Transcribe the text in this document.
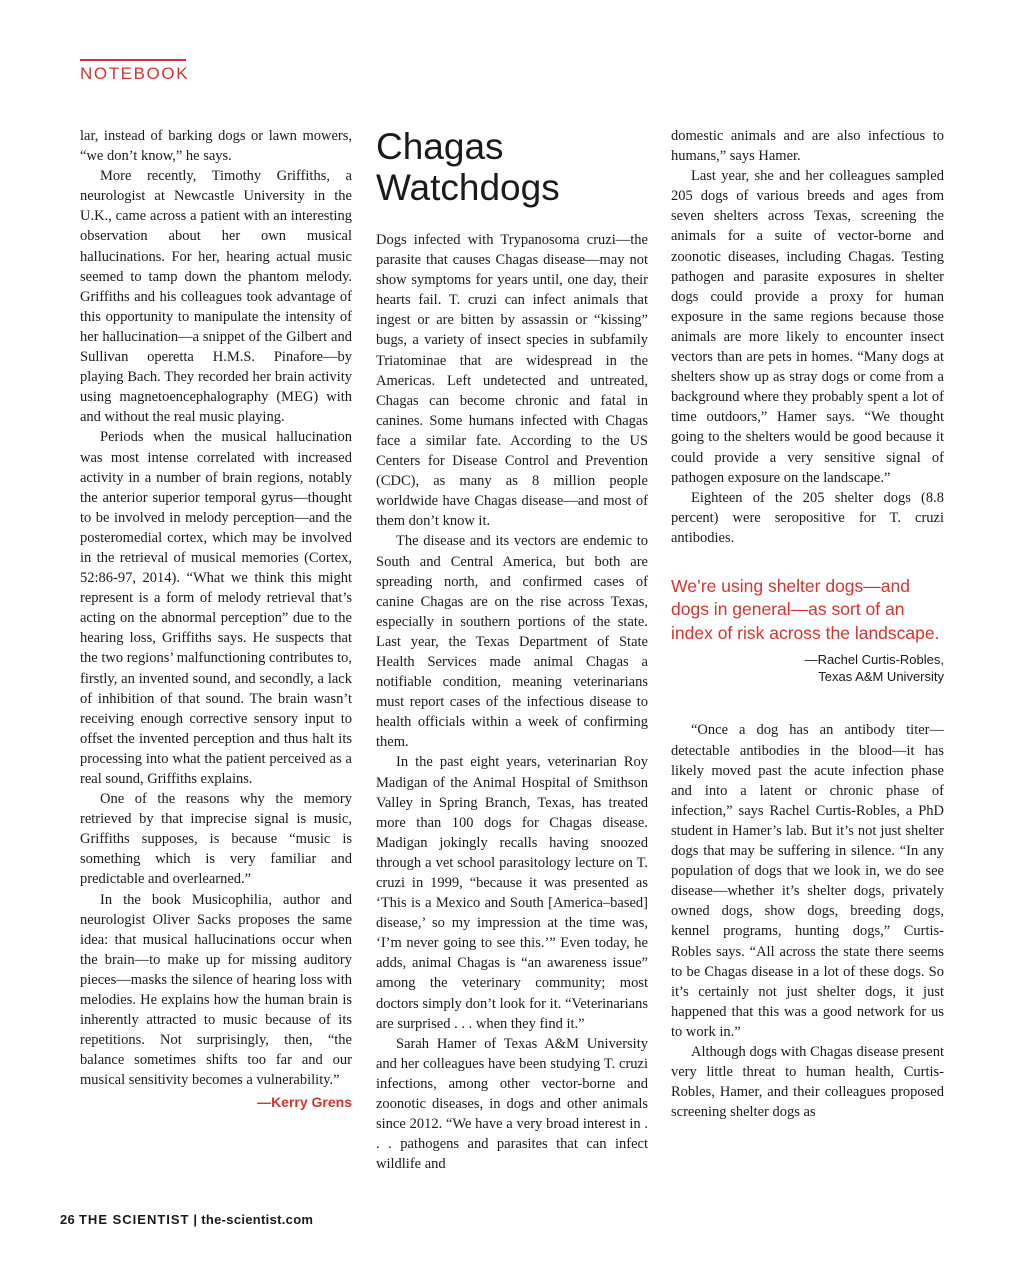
NOTEBOOK

lar, instead of barking dogs or lawn mowers, “we don’t know,” he says.

More recently, Timothy Griffiths, a neurologist at Newcastle University in the U.K., came across a patient with an interesting observation about her own musical hallucinations. For her, hearing actual music seemed to tamp down the phantom melody. Griffiths and his colleagues took advantage of this opportunity to manipulate the intensity of her hallucination—a snippet of the Gilbert and Sullivan operetta H.M.S. Pinafore—by playing Bach. They recorded her brain activity using magnetoencephalography (MEG) with and without the real music playing.

Periods when the musical hallucination was most intense correlated with increased activity in a number of brain regions, notably the anterior superior temporal gyrus—thought to be involved in melody perception—and the posteromedial cortex, which may be involved in the retrieval of musical memories (Cortex, 52:86-97, 2014). “What we think this might represent is a form of melody retrieval that’s acting on the abnormal perception” due to the hearing loss, Griffiths says. He suspects that the two regions’ malfunctioning contributes to, firstly, an invented sound, and secondly, a lack of inhibition of that sound. The brain wasn’t receiving enough corrective sensory input to offset the invented perception and thus halt its processing into what the patient perceived as a real sound, Griffiths explains.

One of the reasons why the memory retrieved by that imprecise signal is music, Griffiths supposes, is because “music is something which is very familiar and predictable and overlearned.”

In the book Musicophilia, author and neurologist Oliver Sacks proposes the same idea: that musical hallucinations occur when the brain—to make up for missing auditory pieces—masks the silence of hearing loss with melodies. He explains how the human brain is inherently attracted to music because of its repetitions. Not surprisingly, then, “the balance sometimes shifts too far and our musical sensitivity becomes a vulnerability.”

—Kerry Grens
Chagas Watchdogs

Dogs infected with Trypanosoma cruzi—the parasite that causes Chagas disease—may not show symptoms for years until, one day, their hearts fail. T. cruzi can infect animals that ingest or are bitten by assassin or “kissing” bugs, a variety of insect species in subfamily Triatominae that are widespread in the Americas. Left undetected and untreated, Chagas can become chronic and fatal in canines. Some humans infected with Chagas face a similar fate. According to the US Centers for Disease Control and Prevention (CDC), as many as 8 million people worldwide have Chagas disease—and most of them don’t know it.

The disease and its vectors are endemic to South and Central America, but both are spreading north, and confirmed cases of canine Chagas are on the rise across Texas, especially in southern portions of the state. Last year, the Texas Department of State Health Services made animal Chagas a notifiable condition, meaning veterinarians must report cases of the infectious disease to health officials within a week of confirming them.

In the past eight years, veterinarian Roy Madigan of the Animal Hospital of Smithson Valley in Spring Branch, Texas, has treated more than 100 dogs for Chagas disease. Madigan jokingly recalls having snoozed through a vet school parasitology lecture on T. cruzi in 1999, “because it was presented as ‘This is a Mexico and South [America–based] disease,’ so my impression at the time was, ‘I’m never going to see this.’” Even today, he adds, animal Chagas is “an awareness issue” among the veterinary community; most doctors simply don’t look for it. “Veterinarians are surprised . . . when they find it.”

Sarah Hamer of Texas A&M University and her colleagues have been studying T. cruzi infections, among other vector-borne and zoonotic diseases, in dogs and other animals since 2012. “We have a very broad interest in . . . pathogens and parasites that can infect wildlife and

domestic animals and are also infectious to humans,” says Hamer.

Last year, she and her colleagues sampled 205 dogs of various breeds and ages from seven shelters across Texas, screening the animals for a suite of vector-borne and zoonotic diseases, including Chagas. Testing pathogen and parasite exposures in shelter dogs could provide a proxy for human exposure in the same regions because those animals are more likely to encounter insect vectors than are pets in homes. “Many dogs at shelters show up as stray dogs or come from a background where they probably spent a lot of time outdoors,” Hamer says. “We thought going to the shelters would be good because it could provide a very sensitive signal of pathogen exposure on the landscape.”

Eighteen of the 205 shelter dogs (8.8 percent) were seropositive for T. cruzi antibodies.

We’re using shelter dogs—and dogs in general—as sort of an index of risk across the landscape.
—Rachel Curtis-Robles,
Texas A&M University

“Once a dog has an antibody titer—detectable antibodies in the blood—it has likely moved past the acute infection phase and into a latent or chronic phase of infection,” says Rachel Curtis-Robles, a PhD student in Hamer’s lab. But it’s not just shelter dogs that may be suffering in silence. “In any population of dogs that we look in, we do see disease—whether it’s shelter dogs, privately owned dogs, show dogs, breeding dogs, kennel programs, hunting dogs,” Curtis-Robles says. “All across the state there seems to be Chagas disease in a lot of these dogs. So it’s certainly not just shelter dogs, it just happened that this was a good network for us to work in.”

Although dogs with Chagas disease present very little threat to human health, Curtis-Robles, Hamer, and their colleagues proposed screening shelter dogs as

26 THE SCIENTIST | the-scientist.com
